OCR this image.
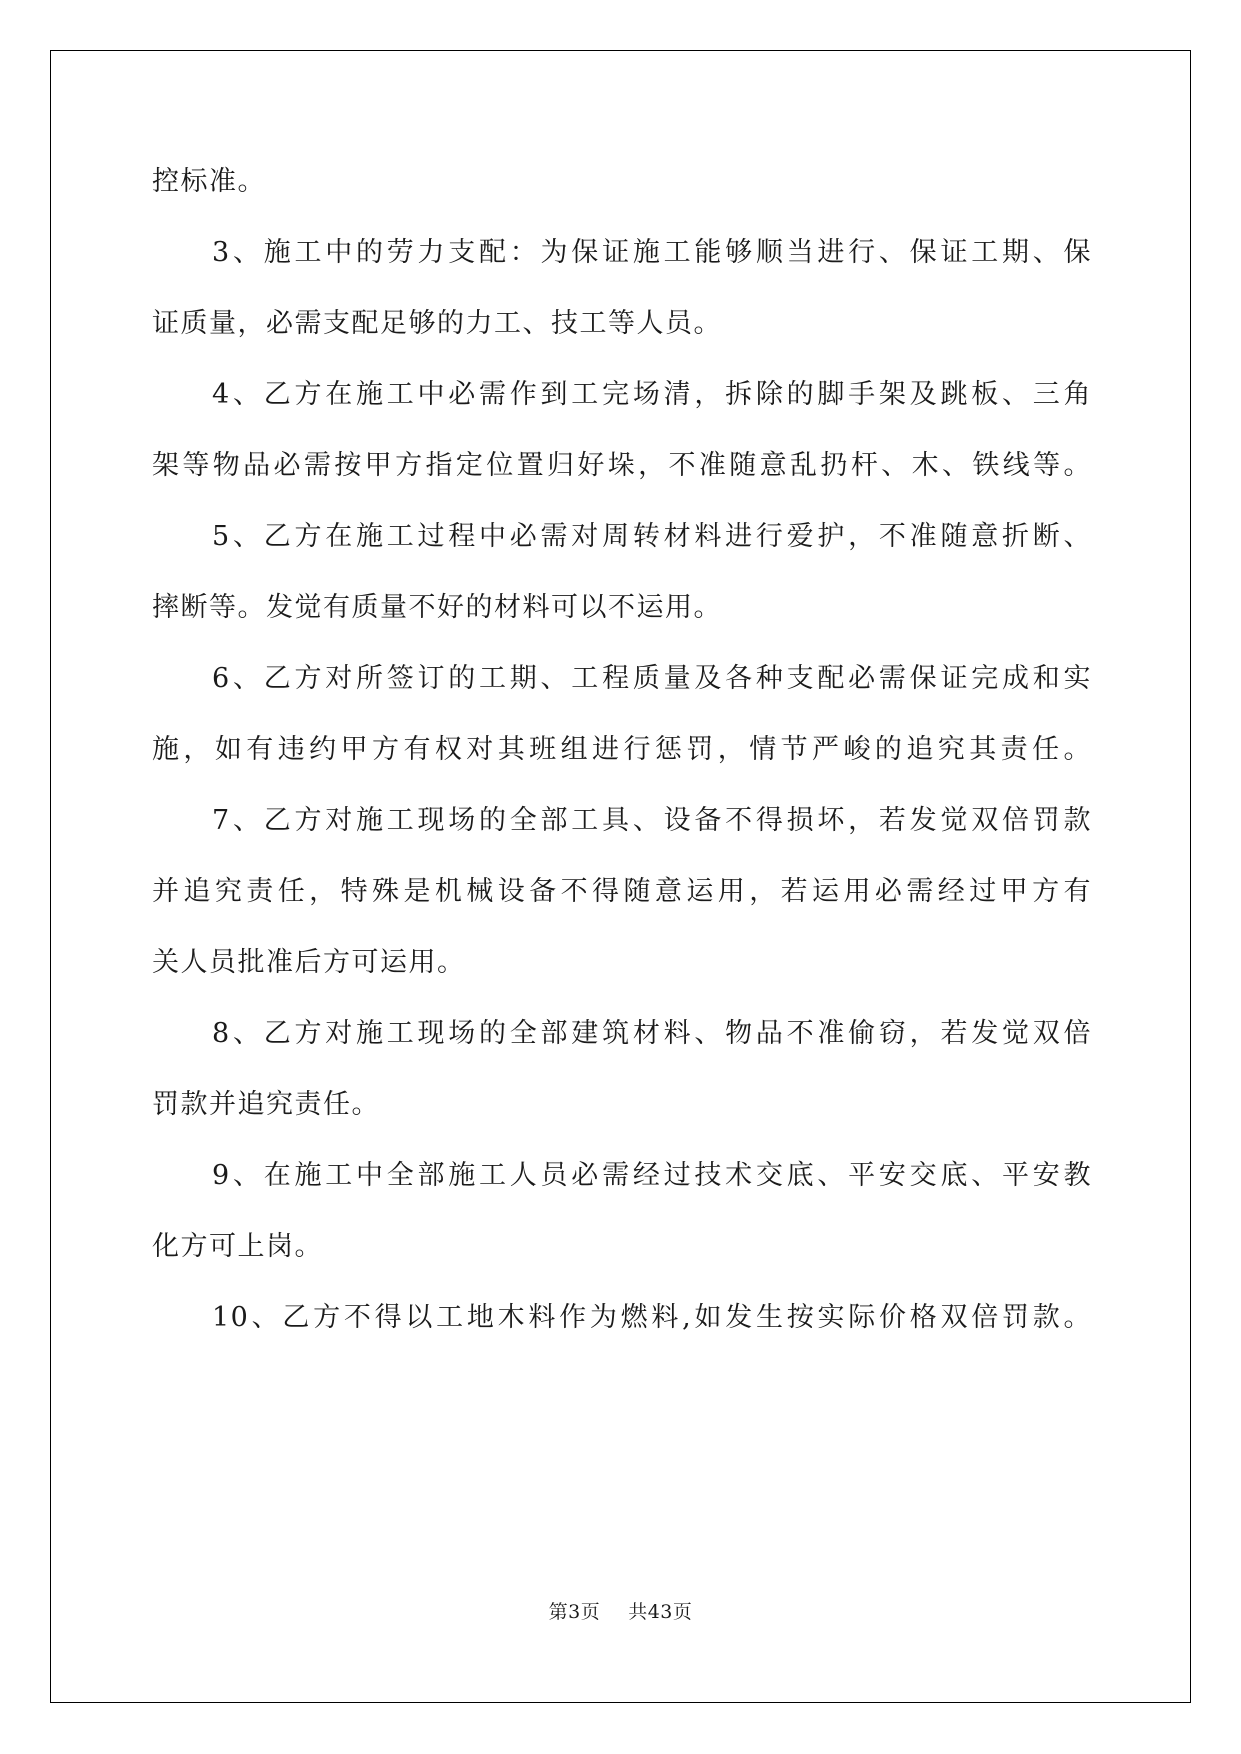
控标准。
3、施工中的劳力支配：为保证施工能够顺当进行、保证工期、保
证质量，必需支配足够的力工、技工等人员。
4、乙方在施工中必需作到工完场清，拆除的脚手架及跳板、三角
架等物品必需按甲方指定位置归好垛，不准随意乱扔杆、木、铁线等。
5、乙方在施工过程中必需对周转材料进行爱护，不准随意折断、
摔断等。发觉有质量不好的材料可以不运用。
6、乙方对所签订的工期、工程质量及各种支配必需保证完成和实
施，如有违约甲方有权对其班组进行惩罚，情节严峻的追究其责任。
7、乙方对施工现场的全部工具、设备不得损坏，若发觉双倍罚款
并追究责任，特殊是机械设备不得随意运用，若运用必需经过甲方有
关人员批准后方可运用。
8、乙方对施工现场的全部建筑材料、物品不准偷窃，若发觉双倍
罚款并追究责任。
9、在施工中全部施工人员必需经过技术交底、平安交底、平安教
化方可上岗。
10、乙方不得以工地木料作为燃料,如发生按实际价格双倍罚款。
第3页 共43页
